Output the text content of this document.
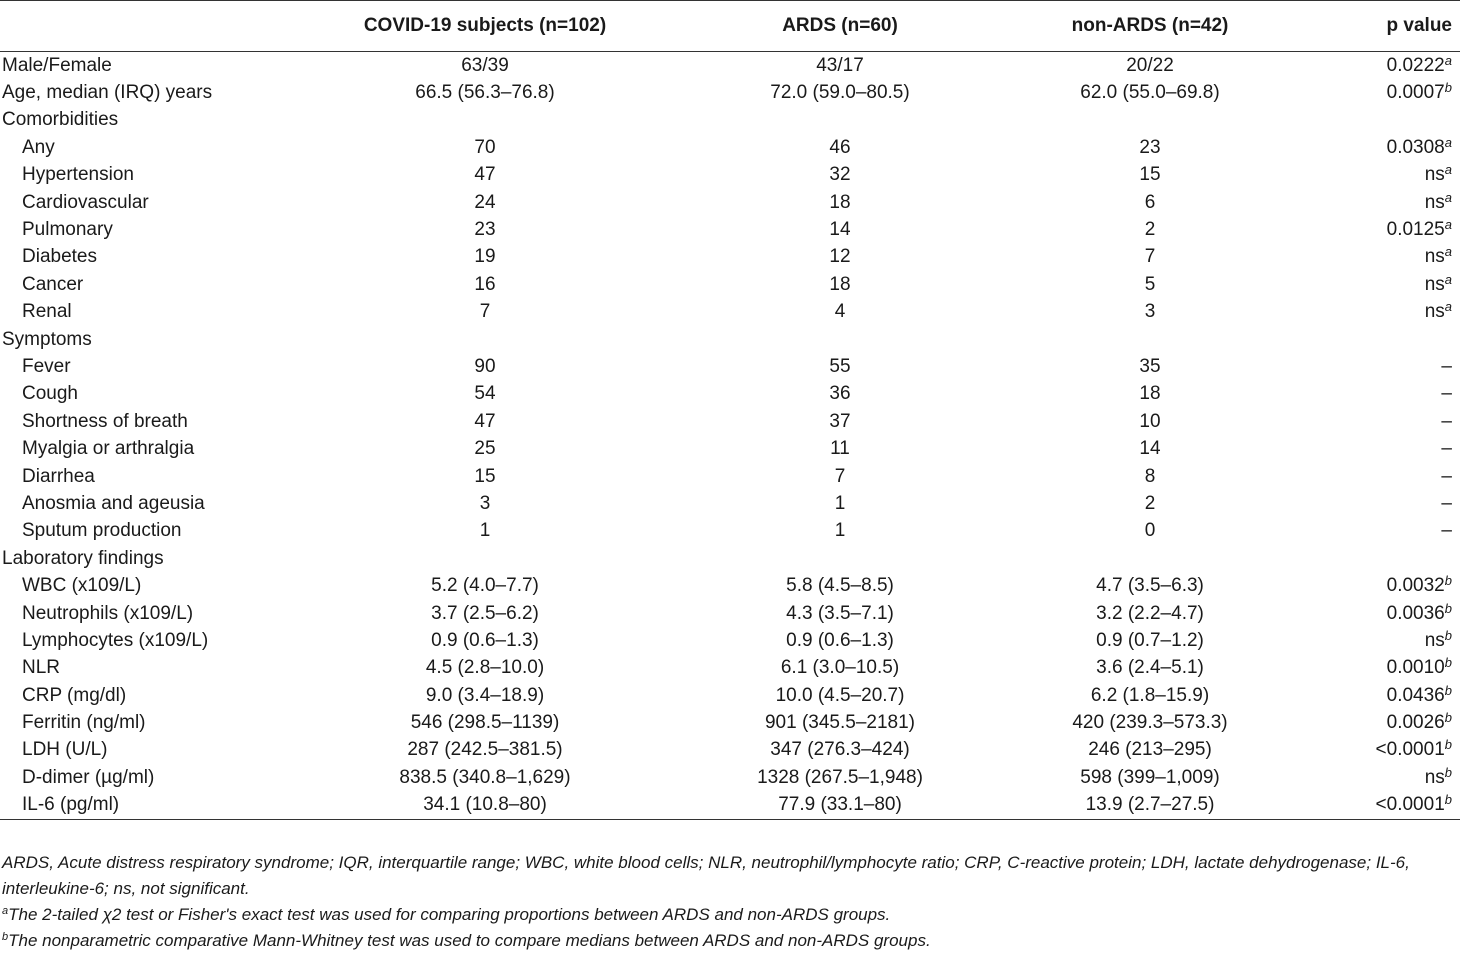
	COVID-19 subjects (n=102)	ARDS (n=60)	non-ARDS (n=42)	p value
Male/Female	63/39	43/17	20/22	0.0222$^a$
Age, median (IRQ) years	66.5 (56.3–76.8)	72.0 (59.0–80.5)	62.0 (55.0–69.8)	0.0007$^b$
Comorbidities				
Any	70	46	23	0.0308$^a$
Hypertension	47	32	15	$ns^a$
Cardiovascular	24	18	6	$ns^a$
Pulmonary	23	14	2	0.0125$^a$
Diabetes	19	12	7	$ns^a$
Cancer	16	18	5	$ns^a$
Renal	7	4	3	$ns^a$
Symptoms				
Fever	90	55	35	–
Cough	54	36	18	–
Shortness of breath	47	37	10	–
Myalgia or arthralgia	25	11	14	–
Diarrhea	15	7	8	–
Anosmia and ageusia	3	1	2	–
Sputum production	1	1	0	–
Laboratory findings				
WBC (x109/L)	5.2 (4.0–7.7)	5.8 (4.5–8.5)	4.7 (3.5–6.3)	0.0032$^b$
Neutrophils (x109/L)	3.7 (2.5–6.2)	4.3 (3.5–7.1)	3.2 (2.2–4.7)	0.0036$^b$
Lymphocytes (x109/L)	0.9 (0.6–1.3)	0.9 (0.6–1.3)	0.9 (0.7–1.2)	$ns^b$
NLR	4.5 (2.8–10.0)	6.1 (3.0–10.5)	3.6 (2.4–5.1)	0.0010$^b$
CRP (mg/dl)	9.0 (3.4–18.9)	10.0 (4.5–20.7)	6.2 (1.8–15.9)	0.0436$^b$
Ferritin (ng/ml)	546 (298.5–1139)	901 (345.5–2181)	420 (239.3–573.3)	0.0026$^b$
LDH (U/L)	287 (242.5–381.5)	347 (276.3–424)	246 (213–295)	<0.0001$^b$
D-dimer (µg/ml)	838.5 (340.8–1,629)	1328 (267.5–1,948)	598 (399–1,009)	$ns^b$
IL-6 (pg/ml)	34.1 (10.8–80)	77.9 (33.1–80)	13.9 (2.7–27.5)	<0.0001$^b$

ARDS, Acute distress respiratory syndrome; IQR, interquartile range; WBC, white blood cells; NLR, neutrophil/lymphocyte ratio; CRP, C-reactive protein; LDH, lactate dehydrogenase; IL-6, interleukine-6; ns, not significant.

$^a$The 2-tailed χ2 test or Fisher's exact test was used for comparing proportions between ARDS and non-ARDS groups.

$^b$The nonparametric comparative Mann-Whitney test was used to compare medians between ARDS and non-ARDS groups.
